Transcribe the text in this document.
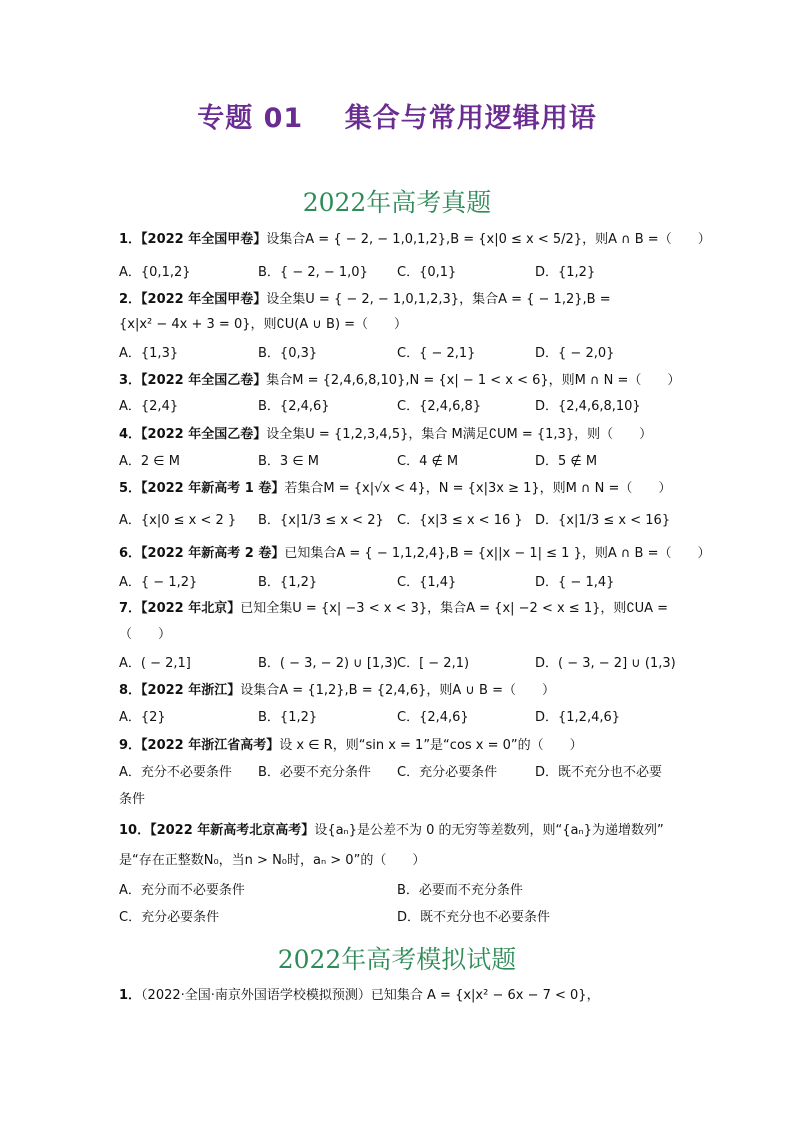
专题 01    集合与常用逻辑用语
2022年高考真题
1．【2022 年全国甲卷】设集合A = { − 2, − 1,0,1,2},B = {x|0 ≤ x < 5/2}，则A ∩ B =（　　）
A．{0,1,2}	B．{ − 2, − 1,0} C．{0,1}	D．{1,2}
2．【2022 年全国甲卷】设全集U = { − 2, − 1,0,1,2,3}，集合A = { − 1,2},B =
{x|x² − 4x + 3 = 0}，则∁U(A ∪ B) =（　　）
A．{1,3}	B．{0,3}	C．{ − 2,1}	D．{ − 2,0}
3．【2022 年全国乙卷】集合M = {2,4,6,8,10},N = {x| − 1 < x < 6}，则M ∩ N =（　　）
A．{2,4}	B．{2,4,6}	C．{2,4,6,8}	D．{2,4,6,8,10}
4．【2022 年全国乙卷】设全集U = {1,2,3,4,5}，集合 M满足∁UM = {1,3}，则（　　）
A．2 ∈ M	B．3 ∈ M	C．4 ∉ M	D．5 ∉ M
5．【2022 年新高考 1 卷】若集合M = {x|√x < 4}，N = {x|3x ≥ 1}，则M ∩ N =（　　）
A．{x|0 ≤ x < 2 } B．{x|1/3 ≤ x < 2} C．{x|3 ≤ x < 16 } D．{x|1/3 ≤ x < 16}
6．【2022 年新高考 2 卷】已知集合A = { − 1,1,2,4},B = {x||x − 1| ≤ 1 }，则A ∩ B =（　　）
A．{ − 1,2}	B．{1,2}	C．{1,4}	D．{ − 1,4}
7．【2022 年北京】已知全集U = {x| −3 < x < 3}，集合A = {x| −2 < x ≤ 1}，则∁UA =
（　　）
A．( − 2,1]	B．( − 3, − 2) ∪ [1,3) C．[ − 2,1)	D．( − 3, − 2] ∪ (1,3)
8．【2022 年浙江】设集合A = {1,2},B = {2,4,6}，则A ∪ B =（　　）
A．{2}	B．{1,2}	C．{2,4,6}	D．{1,2,4,6}
9．【2022 年浙江省高考】设 x ∈ R，则“sin x = 1”是“cos x = 0”的（　　）
A．充分不必要条件 B．必要不充分条件 C．充分必要条件	D．既不充分也不必要
条件
10．【2022 年新高考北京高考】设{aₙ}是公差不为 0 的无穷等差数列，则“{aₙ}为递增数列”
是“存在正整数N₀，当n > N₀时，aₙ > 0”的（　　）
A．充分而不必要条件	B．必要而不充分条件
C．充分必要条件	D．既不充分也不必要条件
2022年高考模拟试题
1．（2022·全国·南京外国语学校模拟预测）已知集合 A = {x|x² − 6x − 7 < 0}，
